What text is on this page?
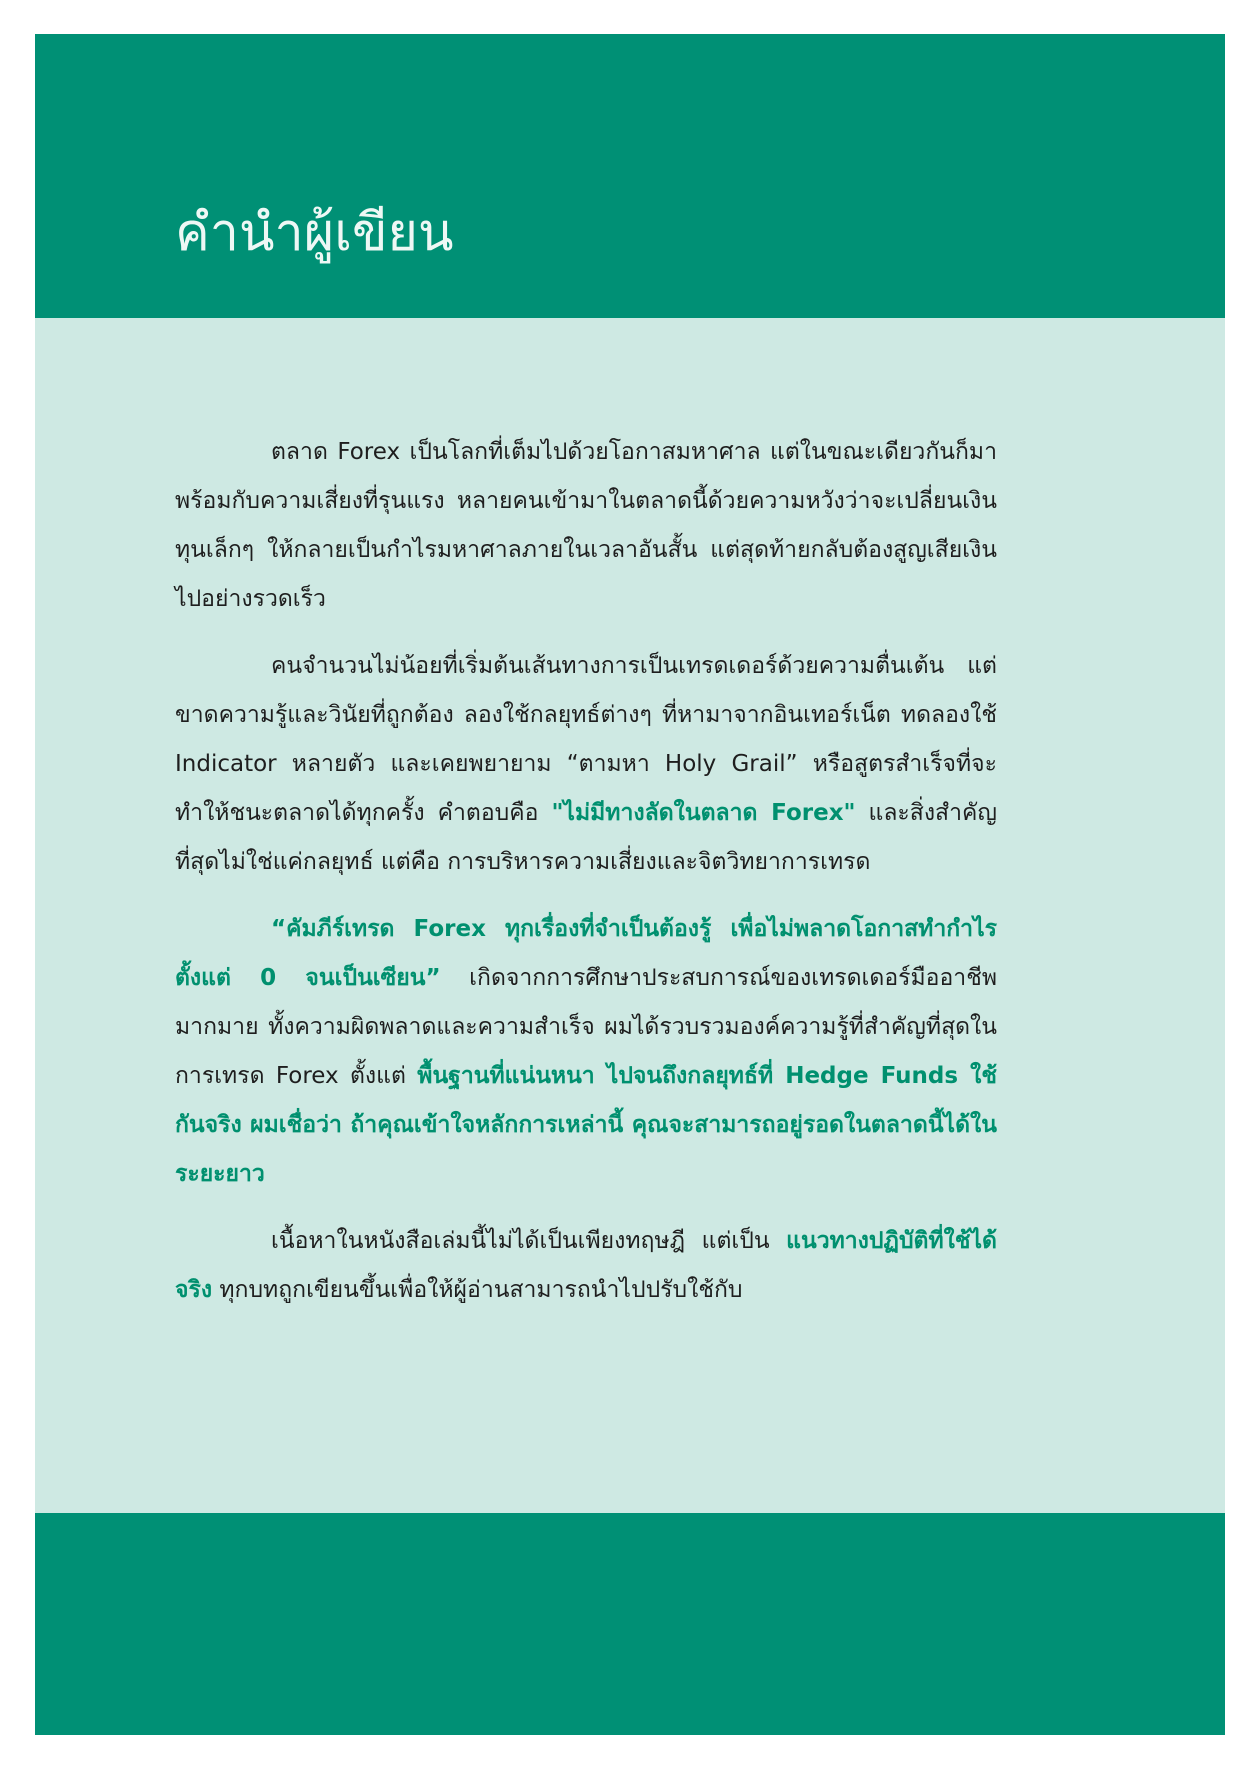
คำนำผู้เขียน

ตลาด Forex เป็นโลกที่เต็มไปด้วยโอกาสมหาศาล แต่ในขณะเดียวกันก็มาพร้อมกับความเสี่ยงที่รุนแรง หลายคนเข้ามาในตลาดนี้ด้วยความหวังว่าจะเปลี่ยนเงินทุนเล็กๆ ให้กลายเป็นกำไรมหาศาลภายในเวลาอันสั้น แต่สุดท้ายกลับต้องสูญเสียเงินไปอย่างรวดเร็ว

คนจำนวนไม่น้อยที่เริ่มต้นเส้นทางการเป็นเทรดเดอร์ด้วยความตื่นเต้น แต่ขาดความรู้และวินัยที่ถูกต้อง ลองใช้กลยุทธ์ต่างๆ ที่หามาจากอินเทอร์เน็ต ทดลองใช้ Indicator หลายตัว และเคยพยายาม “ตามหา Holy Grail” หรือสูตรสำเร็จที่จะทำให้ชนะตลาดได้ทุกครั้ง คำตอบคือ "ไม่มีทางลัดในตลาด Forex" และสิ่งสำคัญที่สุดไม่ใช่แค่กลยุทธ์ แต่คือ การบริหารความเสี่ยงและจิตวิทยาการเทรด

“คัมภีร์เทรด Forex ทุกเรื่องที่จำเป็นต้องรู้ เพื่อไม่พลาดโอกาสทำกำไร ตั้งแต่ 0 จนเป็นเซียน” เกิดจากการศึกษาประสบการณ์ของเทรดเดอร์มืออาชีพมากมาย ทั้งความผิดพลาดและความสำเร็จ ผมได้รวบรวมองค์ความรู้ที่สำคัญที่สุดในการเทรด Forex ตั้งแต่ พื้นฐานที่แน่นหนา ไปจนถึงกลยุทธ์ที่ Hedge Funds ใช้กันจริง ผมเชื่อว่า ถ้าคุณเข้าใจหลักการเหล่านี้ คุณจะสามารถอยู่รอดในตลาดนี้ได้ในระยะยาว

เนื้อหาในหนังสือเล่มนี้ไม่ได้เป็นเพียงทฤษฎี แต่เป็น แนวทางปฏิบัติที่ใช้ได้จริง ทุกบทถูกเขียนขึ้นเพื่อให้ผู้อ่านสามารถนำไปปรับใช้กับ
